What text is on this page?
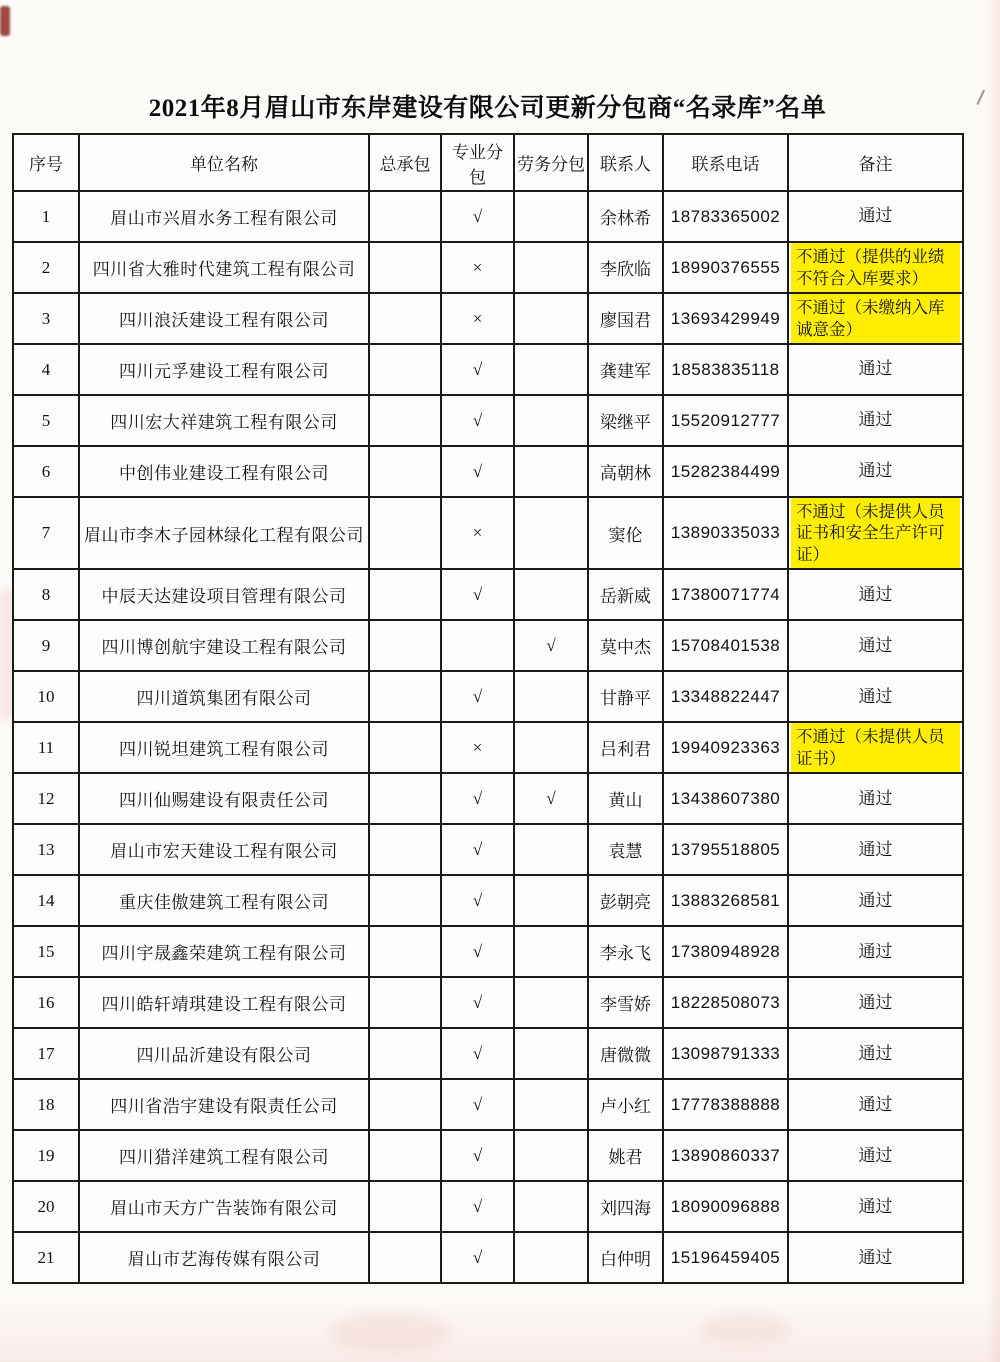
2021年8月眉山市东岸建设有限公司更新分包商“名录库”名单
序号	单位名称	总承包	专业分包	劳务分包	联系人	联系电话	备注
1	眉山市兴眉水务工程有限公司		√		余林希	18783365002	通过

2	四川省大雅时代建筑工程有限公司		×		李欣临	18990376555	不通过（提供的业绩不符合入库要求）

3	四川浪沃建设工程有限公司		×		廖国君	13693429949	不通过（未缴纳入库诚意金）

4	四川元孚建设工程有限公司		√		龚建军	18583835118	通过

5	四川宏大祥建筑工程有限公司		√		梁继平	15520912777	通过

6	中创伟业建设工程有限公司		√		高朝林	15282384499	通过

7	眉山市李木子园林绿化工程有限公司		×		窦伦	13890335033	不通过（未提供人员证书和安全生产许可证）

8	中辰天达建设项目管理有限公司		√		岳新威	17380071774	通过

9	四川博创航宇建设工程有限公司			√	莫中杰	15708401538	通过

10	四川道筑集团有限公司		√		甘静平	13348822447	通过

11	四川锐坦建筑工程有限公司		×		吕利君	19940923363	不通过（未提供人员证书）

12	四川仙赐建设有限责任公司		√	√	黄山	13438607380	通过

13	眉山市宏天建设工程有限公司		√		袁慧	13795518805	通过

14	重庆佳傲建筑工程有限公司		√		彭朝亮	13883268581	通过

15	四川宇晟鑫荣建筑工程有限公司		√		李永飞	17380948928	通过

16	四川皓轩靖琪建设工程有限公司		√		李雪娇	18228508073	通过

17	四川品沂建设有限公司		√		唐微微	13098791333	通过

18	四川省浩宇建设有限责任公司		√		卢小红	17778388888	通过

19	四川猎洋建筑工程有限公司		√		姚君	13890860337	通过

20	眉山市天方广告装饰有限公司		√		刘四海	18090096888	通过

21	眉山市艺海传媒有限公司		√		白仲明	15196459405	通过
